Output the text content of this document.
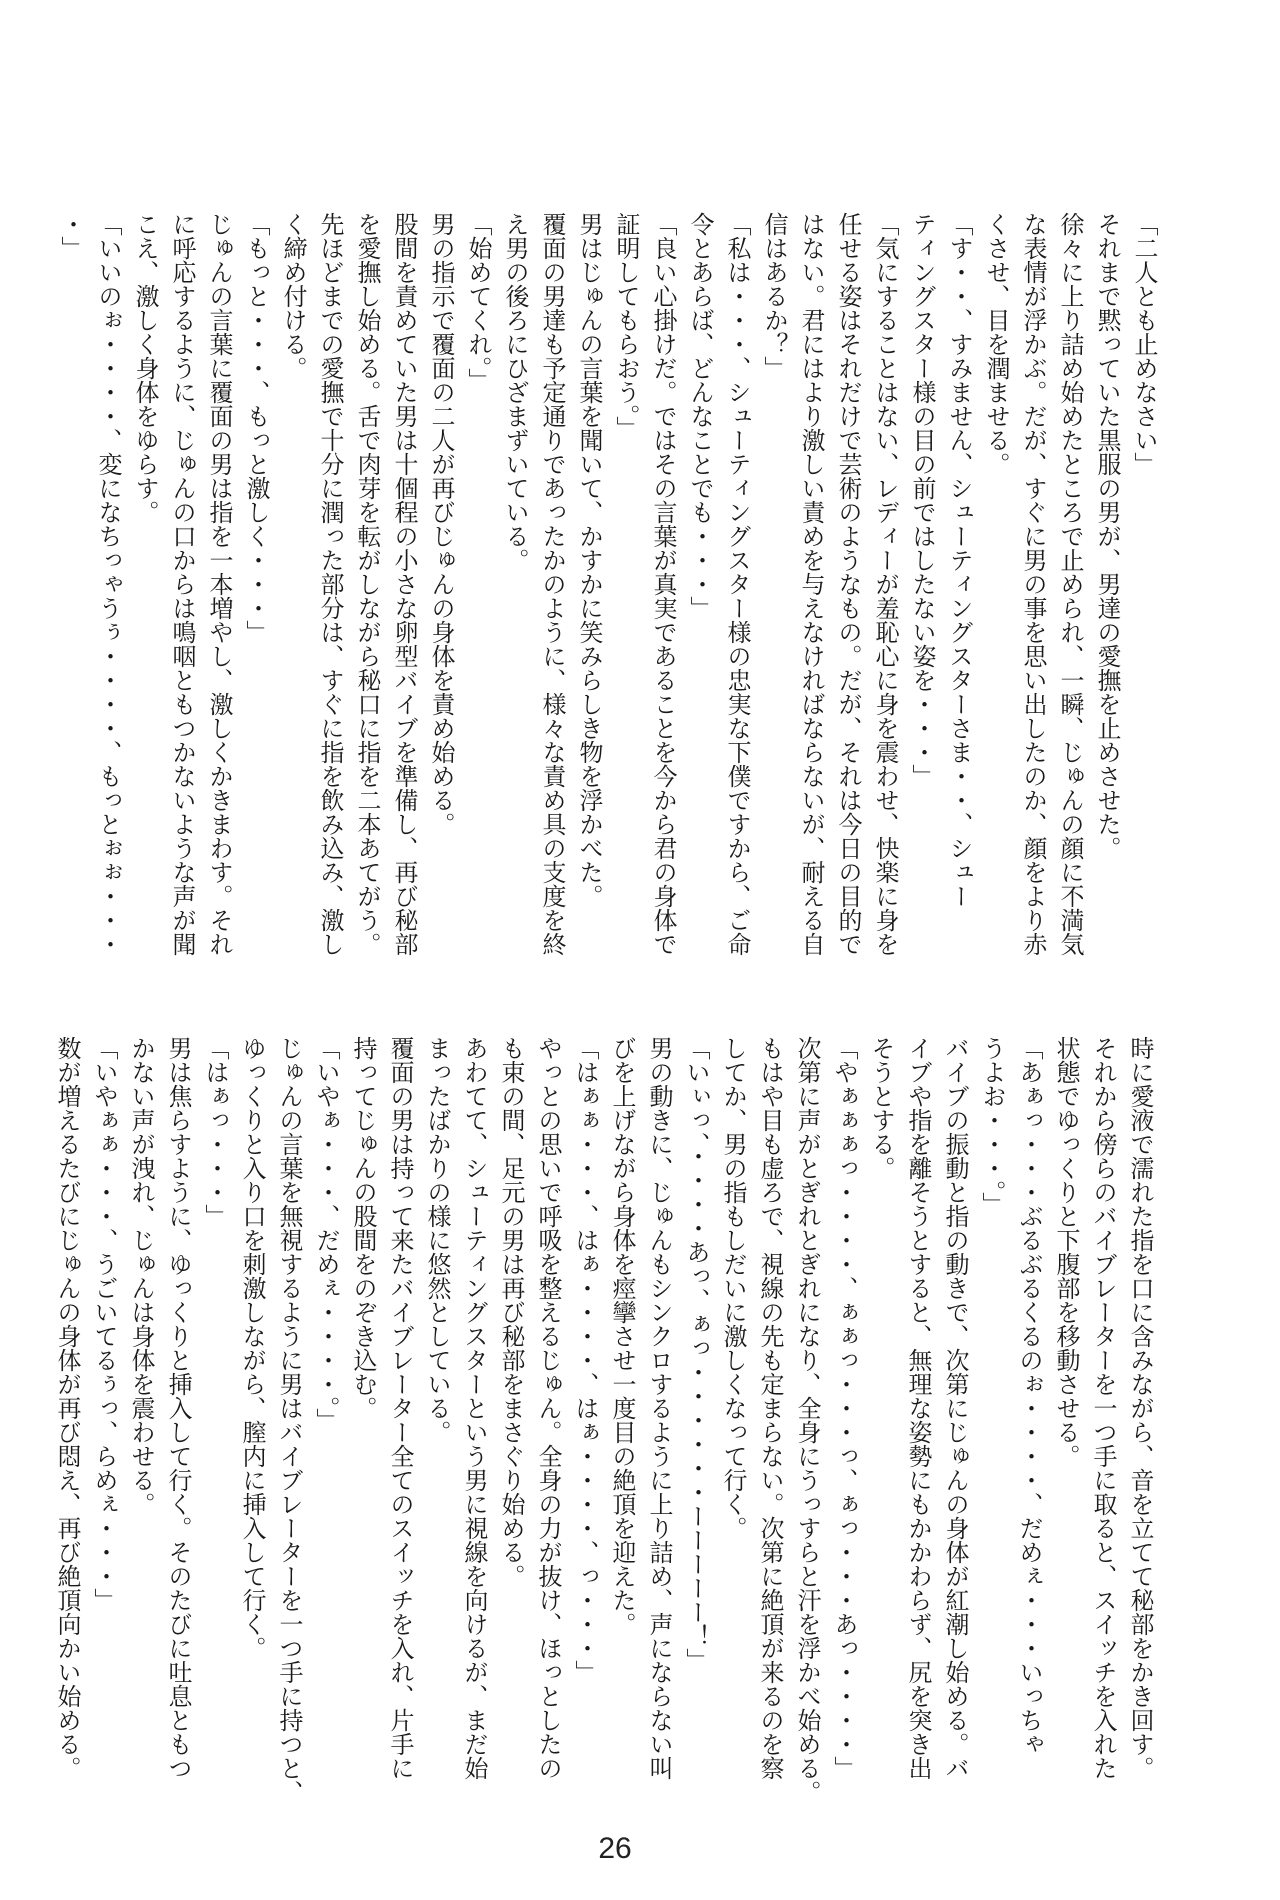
「二人とも止めなさい」
それまで黙っていた黒服の男が、男達の愛撫を止めさせた。
徐々に上り詰め始めたところで止められ、一瞬、じゅんの顔に不満気
な表情が浮かぶ。だが、すぐに男の事を思い出したのか、顔をより赤
くさせ、目を潤ませる。
「す・・、すみません、シューティングスターさま・・、シュー
ティングスター様の目の前ではしたない姿を・・・」
「気にすることはない、レディーが羞恥心に身を震わせ、快楽に身を
任せる姿はそれだけで芸術のようなもの。だが、それは今日の目的で
はない。君にはより激しい責めを与えなければならないが、耐える自
信はあるか？」
「私は・・・、シューティングスター様の忠実な下僕ですから、ご命
令とあらば、どんなことでも・・・」
「良い心掛けだ。ではその言葉が真実であることを今から君の身体で
証明してもらおう。」
男はじゅんの言葉を聞いて、かすかに笑みらしき物を浮かべた。
覆面の男達も予定通りであったかのように、様々な責め具の支度を終
え男の後ろにひざまずいている。
「始めてくれ。」
男の指示で覆面の二人が再びじゅんの身体を責め始める。
股間を責めていた男は十個程の小さな卵型バイブを準備し、再び秘部
を愛撫し始める。舌で肉芽を転がしながら秘口に指を二本あてがう。
先ほどまでの愛撫で十分に潤った部分は、すぐに指を飲み込み、激し
く締め付ける。
「もっと・・・、もっと激しく・・・」
じゅんの言葉に覆面の男は指を一本増やし、激しくかきまわす。それ
に呼応するように、じゅんの口からは鳴咽ともつかないような声が聞
こえ、激しく身体をゆらす。
「いいのぉ・・・・、変になちっゃうぅ・・・・、もっとぉぉ・・・
・」
時に愛液で濡れた指を口に含みながら、音を立てて秘部をかき回す。
それから傍らのバイブレーターを一つ手に取ると、スイッチを入れた
状態でゆっくりと下腹部を移動させる。
「あぁっ・・・ぶるぶるくるのぉ・・・・、だめぇ・・・いっちゃ
うよお・・・。」
バイブの振動と指の動きで、次第にじゅんの身体が紅潮し始める。バ
イブや指を離そうとすると、無理な姿勢にもかかわらず、尻を突き出
そうとする。
「やぁぁぁっ・・・・、ぁぁっ・・・っ、ぁっ・・・あっ・・・・」
次第に声がとぎれとぎれになり、全身にうっすらと汗を浮かべ始める。
もはや目も虚ろで、視線の先も定まらない。次第に絶頂が来るのを察
してか、男の指もしだいに激しくなって行く。
「いぃっ、・・・・あっ、ぁっ・・・・・・ーーーーー！」
男の動きに、じゅんもシンクロするように上り詰め、声にならない叫
びを上げながら身体を痙攣させ一度目の絶頂を迎えた。
「はぁぁ・・・、はぁ・・・・、はぁ・・・・、っ・・・」
やっとの思いで呼吸を整えるじゅん。全身の力が抜け、ほっとしたの
も束の間、足元の男は再び秘部をまさぐり始める。
あわてて、シューティングスターという男に視線を向けるが、まだ始
まったばかりの様に悠然としている。
覆面の男は持って来たバイブレーター全てのスイッチを入れ、片手に
持ってじゅんの股間をのぞき込む。
「いやぁ・・・、だめぇ・・・・。」
じゅんの言葉を無視するように男はバイブレーターを一つ手に持つと、
ゆっくりと入り口を刺激しながら、膣内に挿入して行く。
「はぁっ・・・」
男は焦らすように、ゆっくりと挿入して行く。そのたびに吐息ともつ
かない声が洩れ、じゅんは身体を震わせる。
「いやぁぁ・・・、うごいてるぅっ、らめぇ・・・」
数が増えるたびにじゅんの身体が再び悶え、再び絶頂向かい始める。
26
